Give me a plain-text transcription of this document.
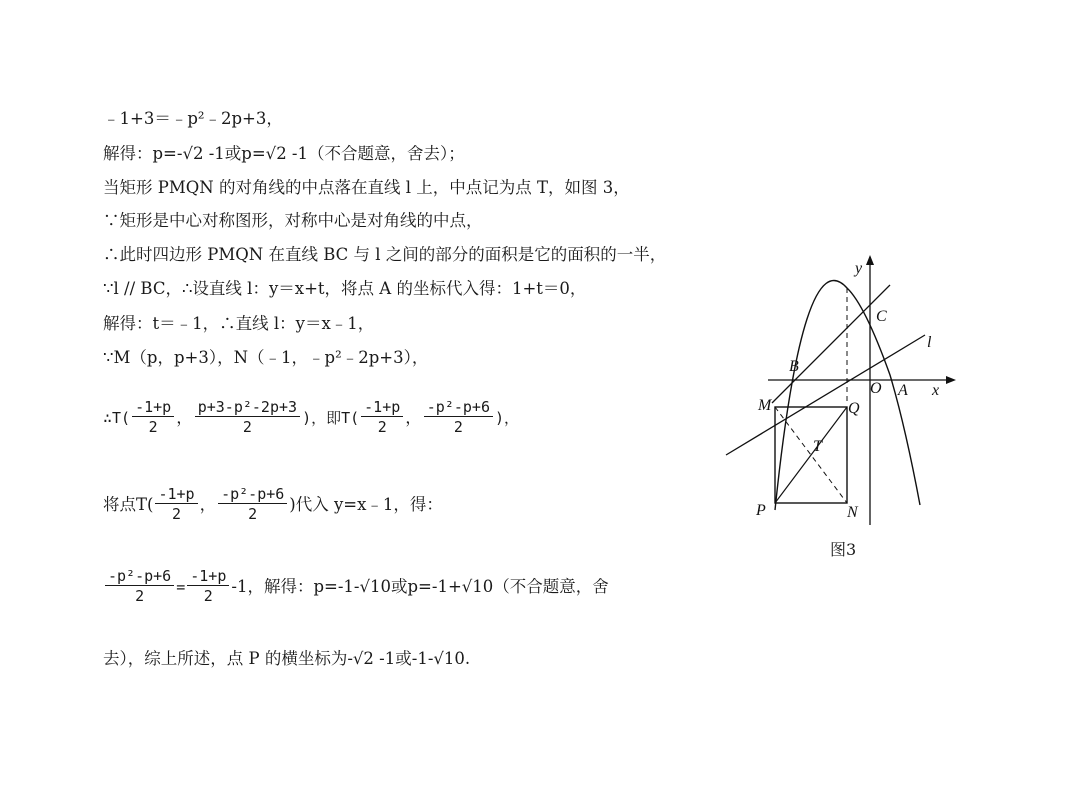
﹣1+3＝﹣p²﹣2p+3，
解得：p=-√2 -1或p=√2 -1（不合题意，舍去）；
当矩形 PMQN 的对角线的中点落在直线 l 上，中点记为点 T，如图 3，
∵矩形是中心对称图形，对称中心是对角线的中点，
∴此时四边形 PMQN 在直线 BC 与 l 之间的部分的面积是它的面积的一半，
∵l // BC，∴设直线 l：y＝x+t，将点 A 的坐标代入得：1+t＝0，
解得：t＝﹣1，∴直线 l：y＝x﹣1，
∵M（p，p+3），N（﹣1，﹣p²﹣2p+3），
∴T( $\frac{-1+p}{2}$ ， $\frac{\text{p+3-p²-2p+3}}{2}$ )，即$T( \frac{-1+p}{2}$ ， $\frac{\text{-p²-p+6}}{2}$ )，
将点$T( \frac{-1+p}{2}$ ， $\frac{\text{-p²-p+6}}{2}$ )代入 y=x﹣1，得：
$\frac{\text{-p²-p+6}}{2} = \frac{-1+p}{2} -1$，解得：p=-1-√10或p=-1+√10（不合题意，舍
去），综上所述，点 P 的横坐标为-√2 -1或-1-√10.
y
x
C
l
B
O A
M	Q
T
P	N
图3
